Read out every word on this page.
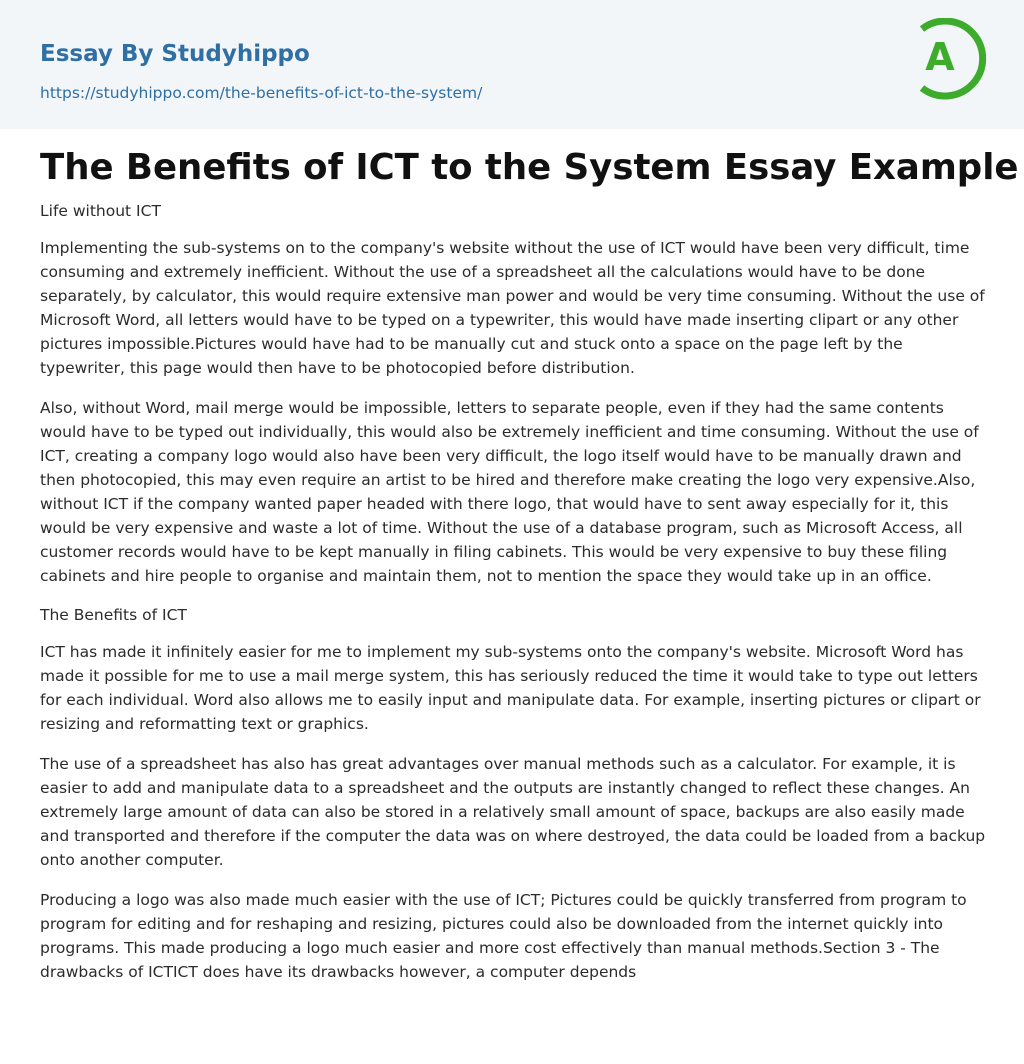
Essay By Studyhippo
https://studyhippo.com/the-benefits-of-ict-to-the-system/
A
The Benefits of ICT to the System Essay Example

Life without ICT

Implementing the sub-systems on to the company's website without the use of ICT would have been very difficult, time consuming and extremely inefficient. Without the use of a spreadsheet all the calculations would have to be done separately, by calculator, this would require extensive man power and would be very time consuming. Without the use of Microsoft Word, all letters would have to be typed on a typewriter, this would have made inserting clipart or any other pictures impossible.Pictures would have had to be manually cut and stuck onto a space on the page left by the typewriter, this page would then have to be photocopied before distribution.

Also, without Word, mail merge would be impossible, letters to separate people, even if they had the same contents would have to be typed out individually, this would also be extremely inefficient and time consuming. Without the use of ICT, creating a company logo would also have been very difficult, the logo itself would have to be manually drawn and then photocopied, this may even require an artist to be hired and therefore make creating the logo very expensive.Also, without ICT if the company wanted paper headed with there logo, that would have to sent away especially for it, this would be very expensive and waste a lot of time. Without the use of a database program, such as Microsoft Access, all customer records would have to be kept manually in filing cabinets. This would be very expensive to buy these filing cabinets and hire people to organise and maintain them, not to mention the space they would take up in an office.

The Benefits of ICT

ICT has made it infinitely easier for me to implement my sub-systems onto the company's website. Microsoft Word has made it possible for me to use a mail merge system, this has seriously reduced the time it would take to type out letters for each individual. Word also allows me to easily input and manipulate data. For example, inserting pictures or clipart or resizing and reformatting text or graphics.

The use of a spreadsheet has also has great advantages over manual methods such as a calculator. For example, it is easier to add and manipulate data to a spreadsheet and the outputs are instantly changed to reflect these changes. An extremely large amount of data can also be stored in a relatively small amount of space, backups are also easily made and transported and therefore if the computer the data was on where destroyed, the data could be loaded from a backup onto another computer.

Producing a logo was also made much easier with the use of ICT; Pictures could be quickly transferred from program to program for editing and for reshaping and resizing, pictures could also be downloaded from the internet quickly into programs. This made producing a logo much easier and more cost effectively than manual methods.Section 3 - The drawbacks of ICTICT does have its drawbacks however, a computer depends
